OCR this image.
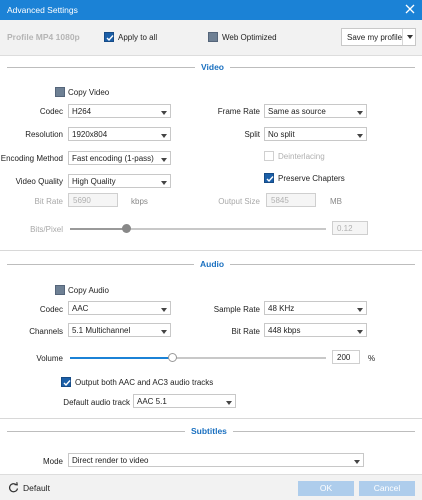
Advanced Settings
Profile MP4 1080p	Apply to all	Web Optimized	Save my profile
Video
Copy Video
Codec H264
Resolution 1920x804
Encoding Method Fast encoding (1-pass)
Video Quality High Quality
Frame Rate Same as source
Split No split
Deinterlacing
Preserve Chapters
Bit Rate 5690	kbps	Output Size 5845	MB
Bits/Pixel	0.12
Audio
Copy Audio
Codec AAC
Channels 5.1 Multichannel
Sample Rate 48 KHz
Bit Rate 448 kbps
Volume	200 %
Output both AAC and AC3 audio tracks
Default audio track AAC 5.1
Subtitles
Mode Direct render to video
Default	OK	Cancel
